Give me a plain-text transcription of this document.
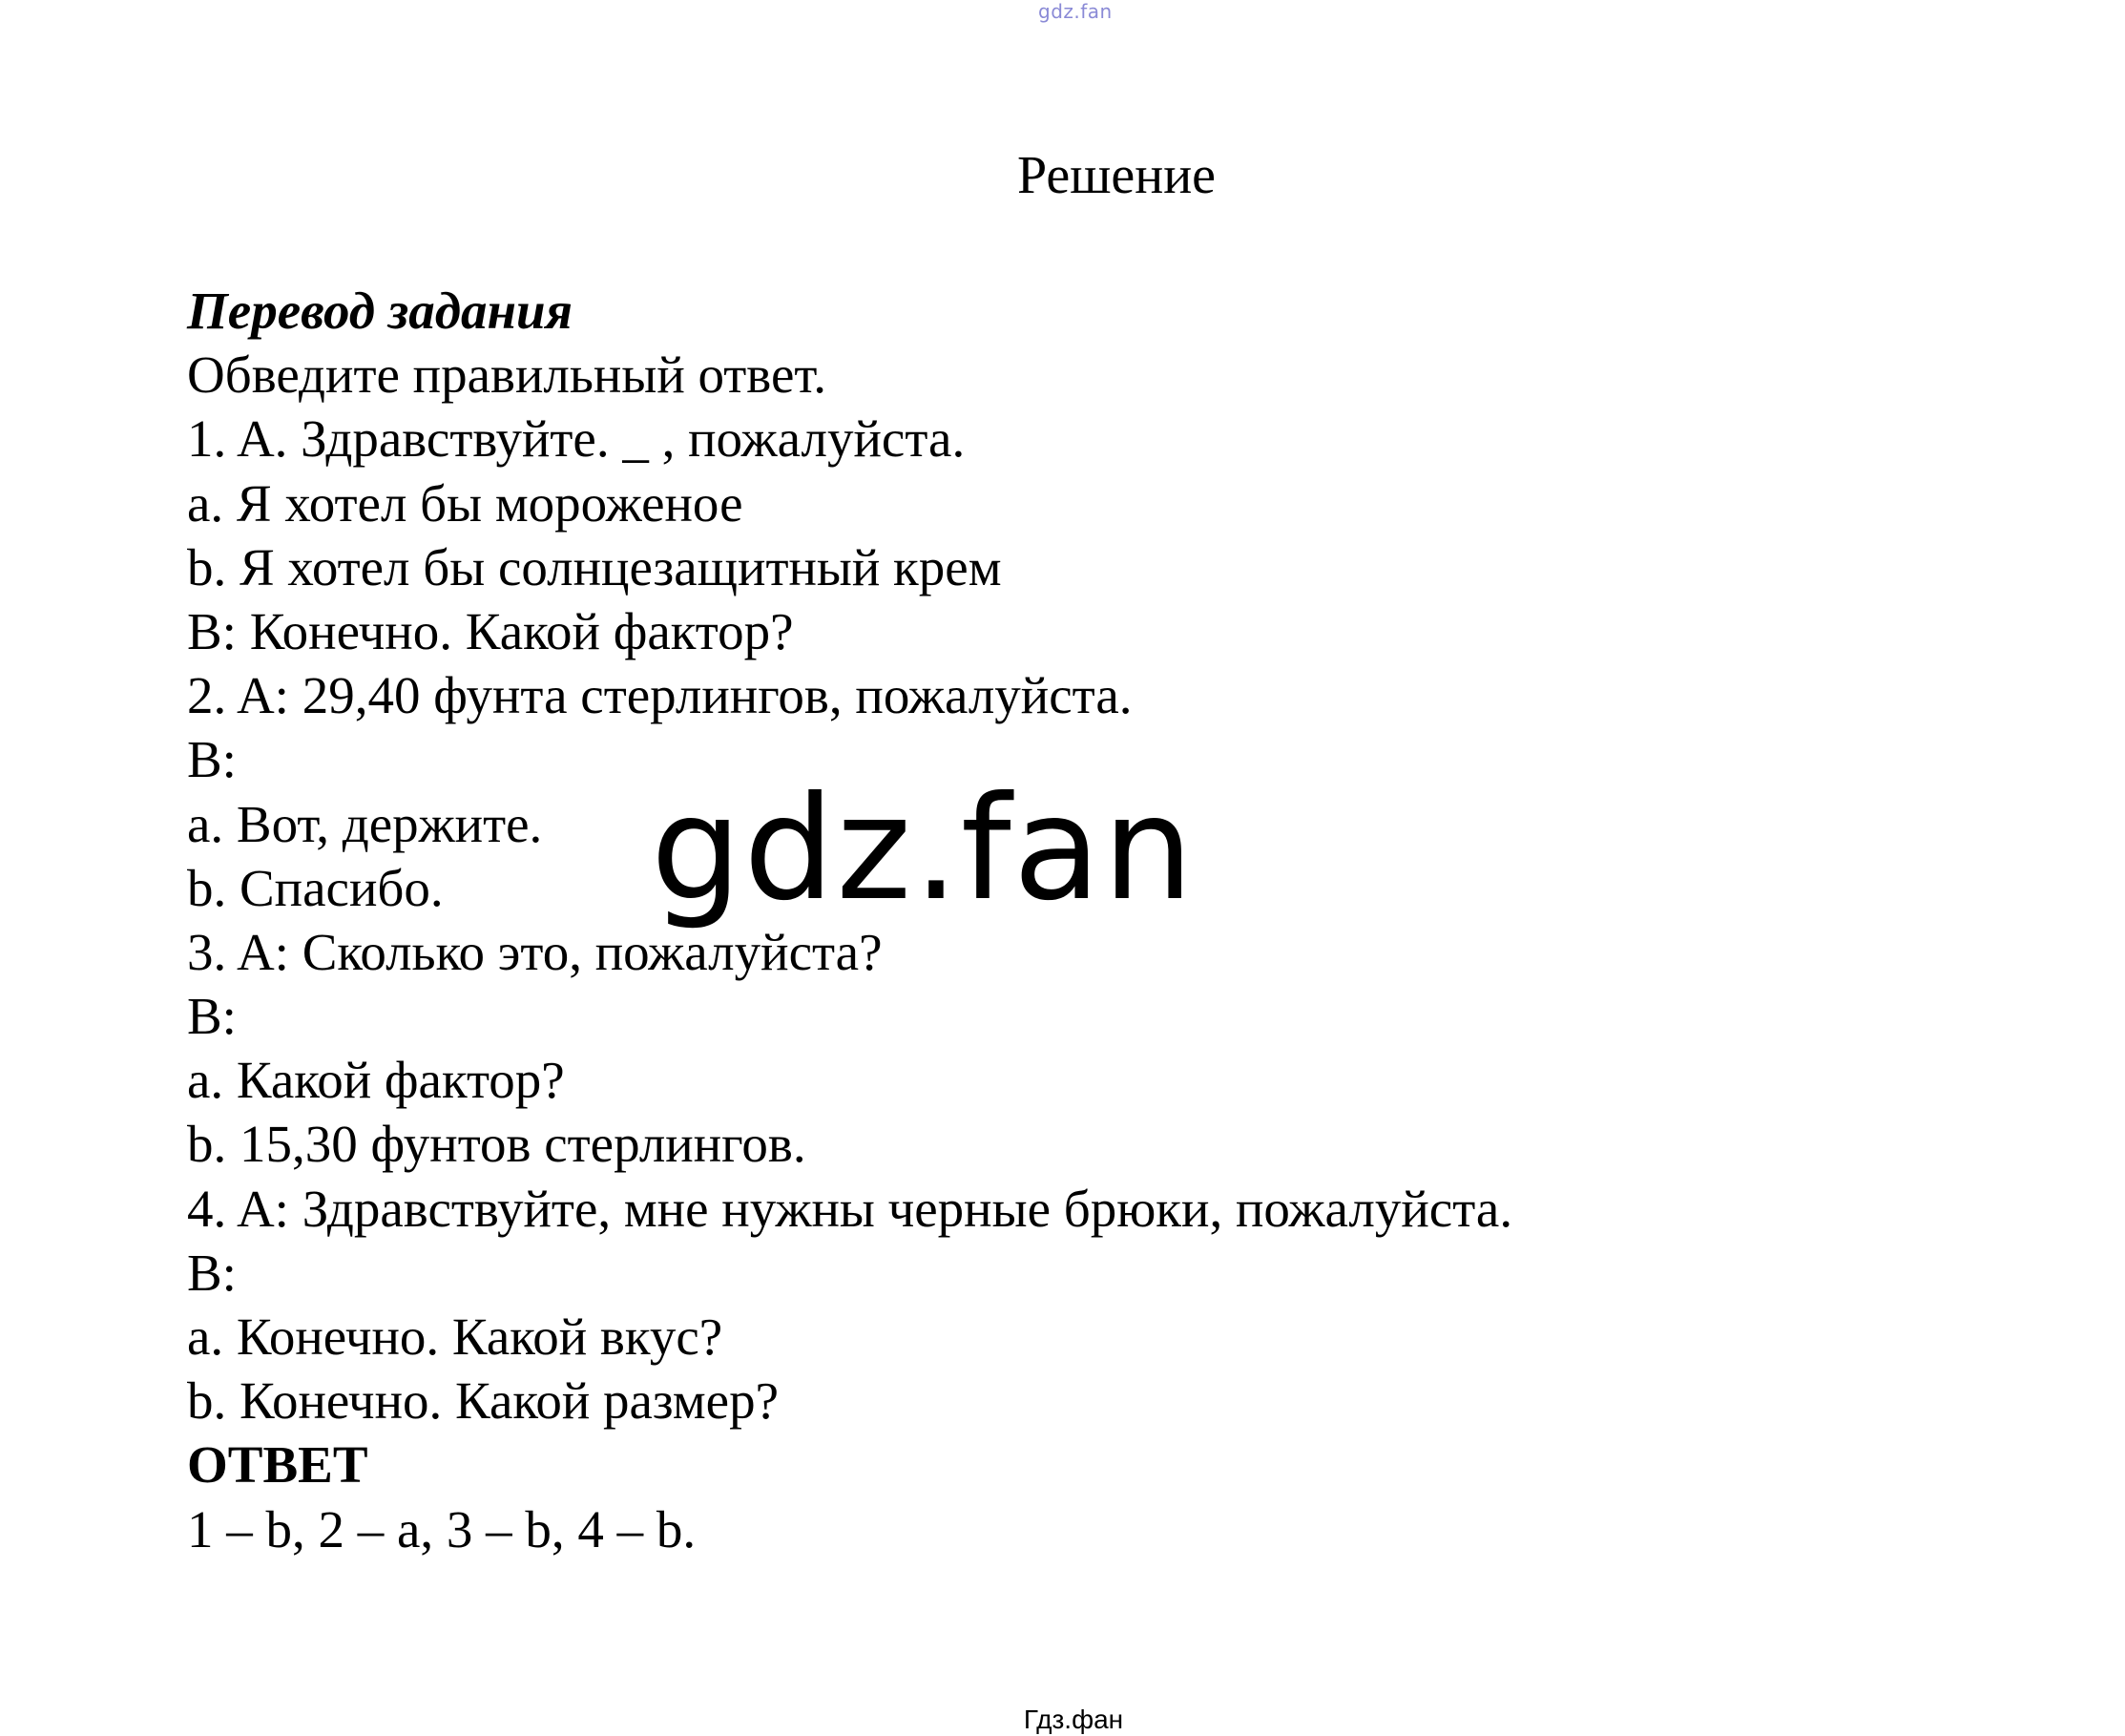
gdz.fan
Решение
Перевод задания
Обведите правильный ответ.
1. A. Здравствуйте. _ , пожалуйста.
a. Я хотел бы мороженое
b. Я хотел бы солнцезащитный крем
B: Конечно. Какой фактор?
2. A: 29,40 фунта стерлингов, пожалуйста.
B:
a. Вот, держите.
b. Спасибо.
3. A: Сколько это, пожалуйста?
B:
a. Какой фактор?
b. 15,30 фунтов стерлингов.
4. A: Здравствуйте, мне нужны черные брюки, пожалуйста.
B:
a. Конечно. Какой вкус?
b. Конечно. Какой размер?
ОТВЕТ
1 – b, 2 – a, 3 – b, 4 – b.
gdz.fan
Гдз.фан
